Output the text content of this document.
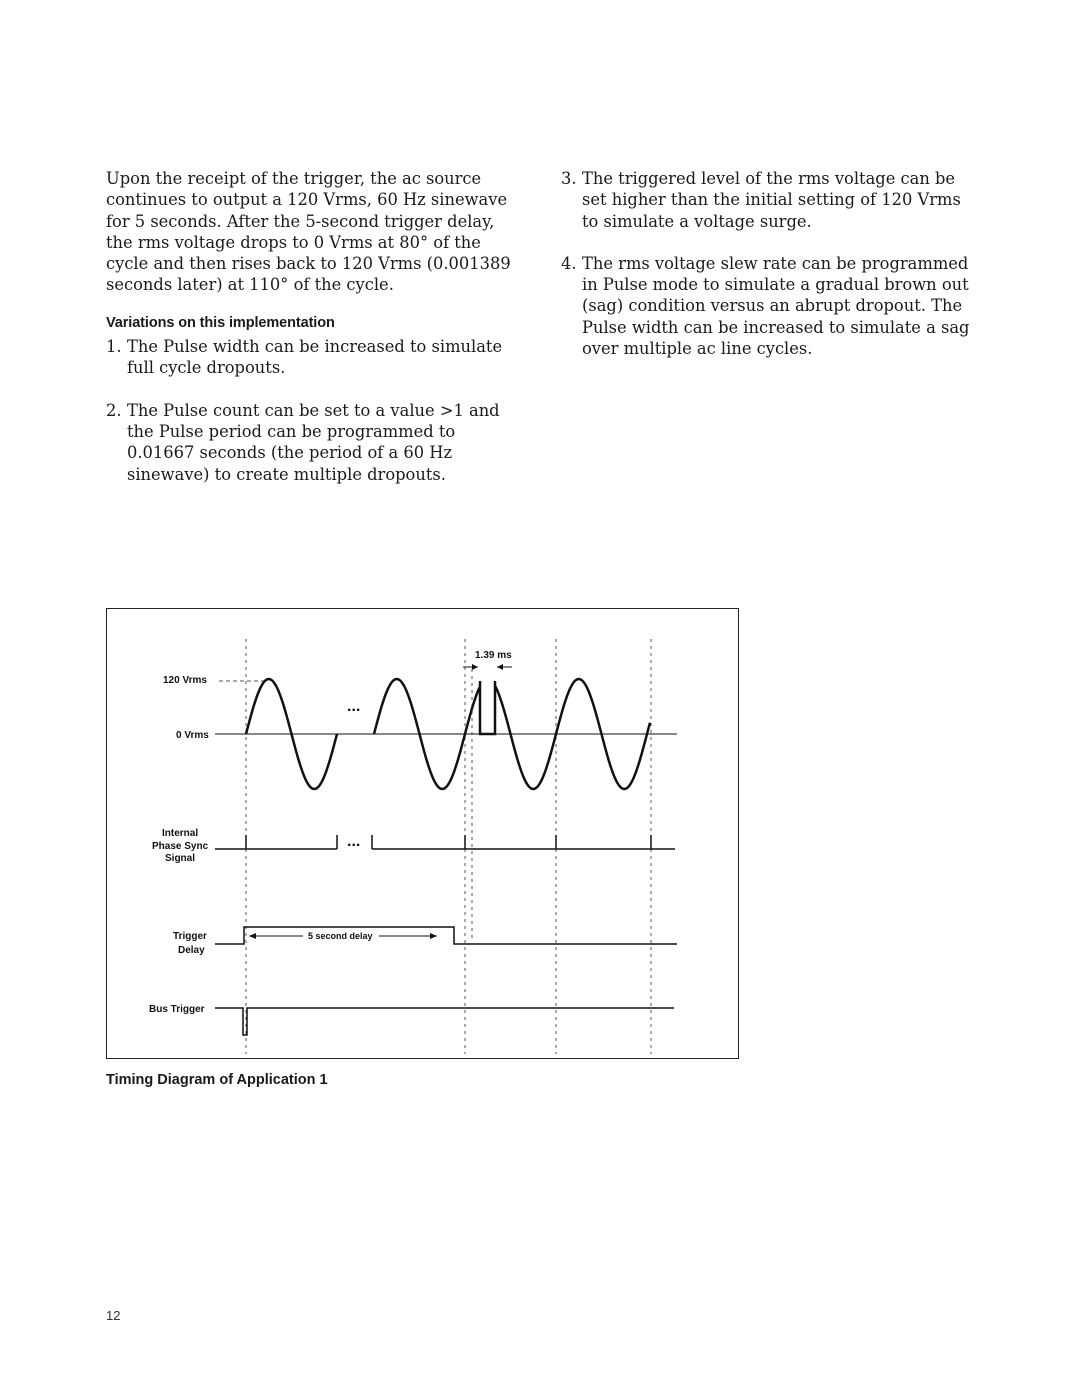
Upon the receipt of the trigger, the ac source continues to output a 120 Vrms, 60 Hz sinewave for 5 seconds. After the 5-second trigger delay, the rms voltage drops to 0 Vrms at 80° of the cycle and then rises back to 120 Vrms (0.001389 seconds later) at 110° of the cycle.

Variations on this implementation
1. The Pulse width can be increased to simulate full cycle dropouts.
2. The Pulse count can be set to a value >1 and the Pulse period can be programmed to 0.01667 seconds (the period of a 60 Hz sinewave) to create multiple dropouts.
3. The triggered level of the rms voltage can be set higher than the initial setting of 120 Vrms to simulate a voltage surge.
4. The rms voltage slew rate can be programmed in Pulse mode to simulate a gradual brown out (sag) condition versus an abrupt dropout. The Pulse width can be increased to simulate a sag over multiple ac line cycles.
1.39 ms
120 Vrms
0 Vrms
...
Internal
Phase Sync
Signal
...
Trigger
Delay
5 second delay
Bus Trigger
Timing Diagram of Application 1
12
